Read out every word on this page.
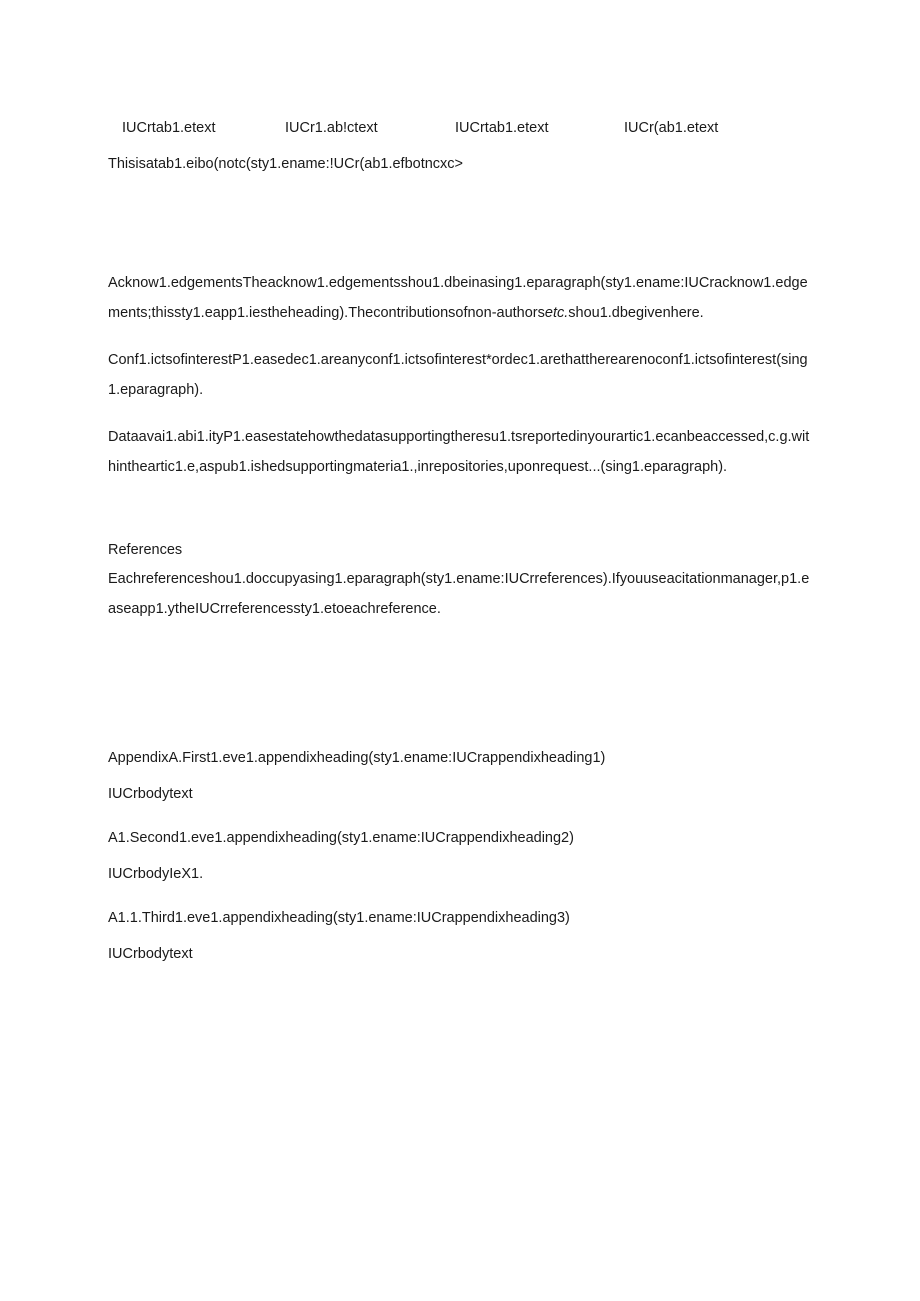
IUCrtab1.etext	IUCr1.ab!ctext	IUCrtab1.etext	IUCr(ab1.etext
Thisisatab1.eibo(notc(sty1.ename:!UCr(ab1.efbotncxc>
Acknow1.edgementsTheacknow1.edgementsshou1.dbeinasing1.eparagraph(sty1.ename:IUCracknow1.edgements;thissty1.eapp1.iestheheading).Thecontributionsofnon-authorsetc.shou1.dbegivenhere.
Conf1.ictsofinterestP1.easedec1.areanyconf1.ictsofinterest*ordec1.arethattherearenoconf1.ictsofinterest(sing1.eparagraph).
Dataavai1.abi1.ityP1.easestatehowthedatasupportingtheresu1.tsreportedinyourartic1.ecanbeaccessed,c.g.withintheartic1.e,aspub1.ishedsupportingmateria1.,inrepositories,uponrequest...(sing1.eparagraph).
References
Eachreferenceshou1.doccupyasing1.eparagraph(sty1.ename:IUCrreferences).Ifyouuseacitationmanager,p1.easeapp1.ytheIUCrreferencessty1.etoeachreference.
AppendixA.First1.eve1.appendixheading(sty1.ename:IUCrappendixheading1)
IUCrbodytext
A1.Second1.eve1.appendixheading(sty1.ename:IUCrappendixheading2)
IUCrbodyIeX1.
A1.1.Third1.eve1.appendixheading(sty1.ename:IUCrappendixheading3)
IUCrbodytext
